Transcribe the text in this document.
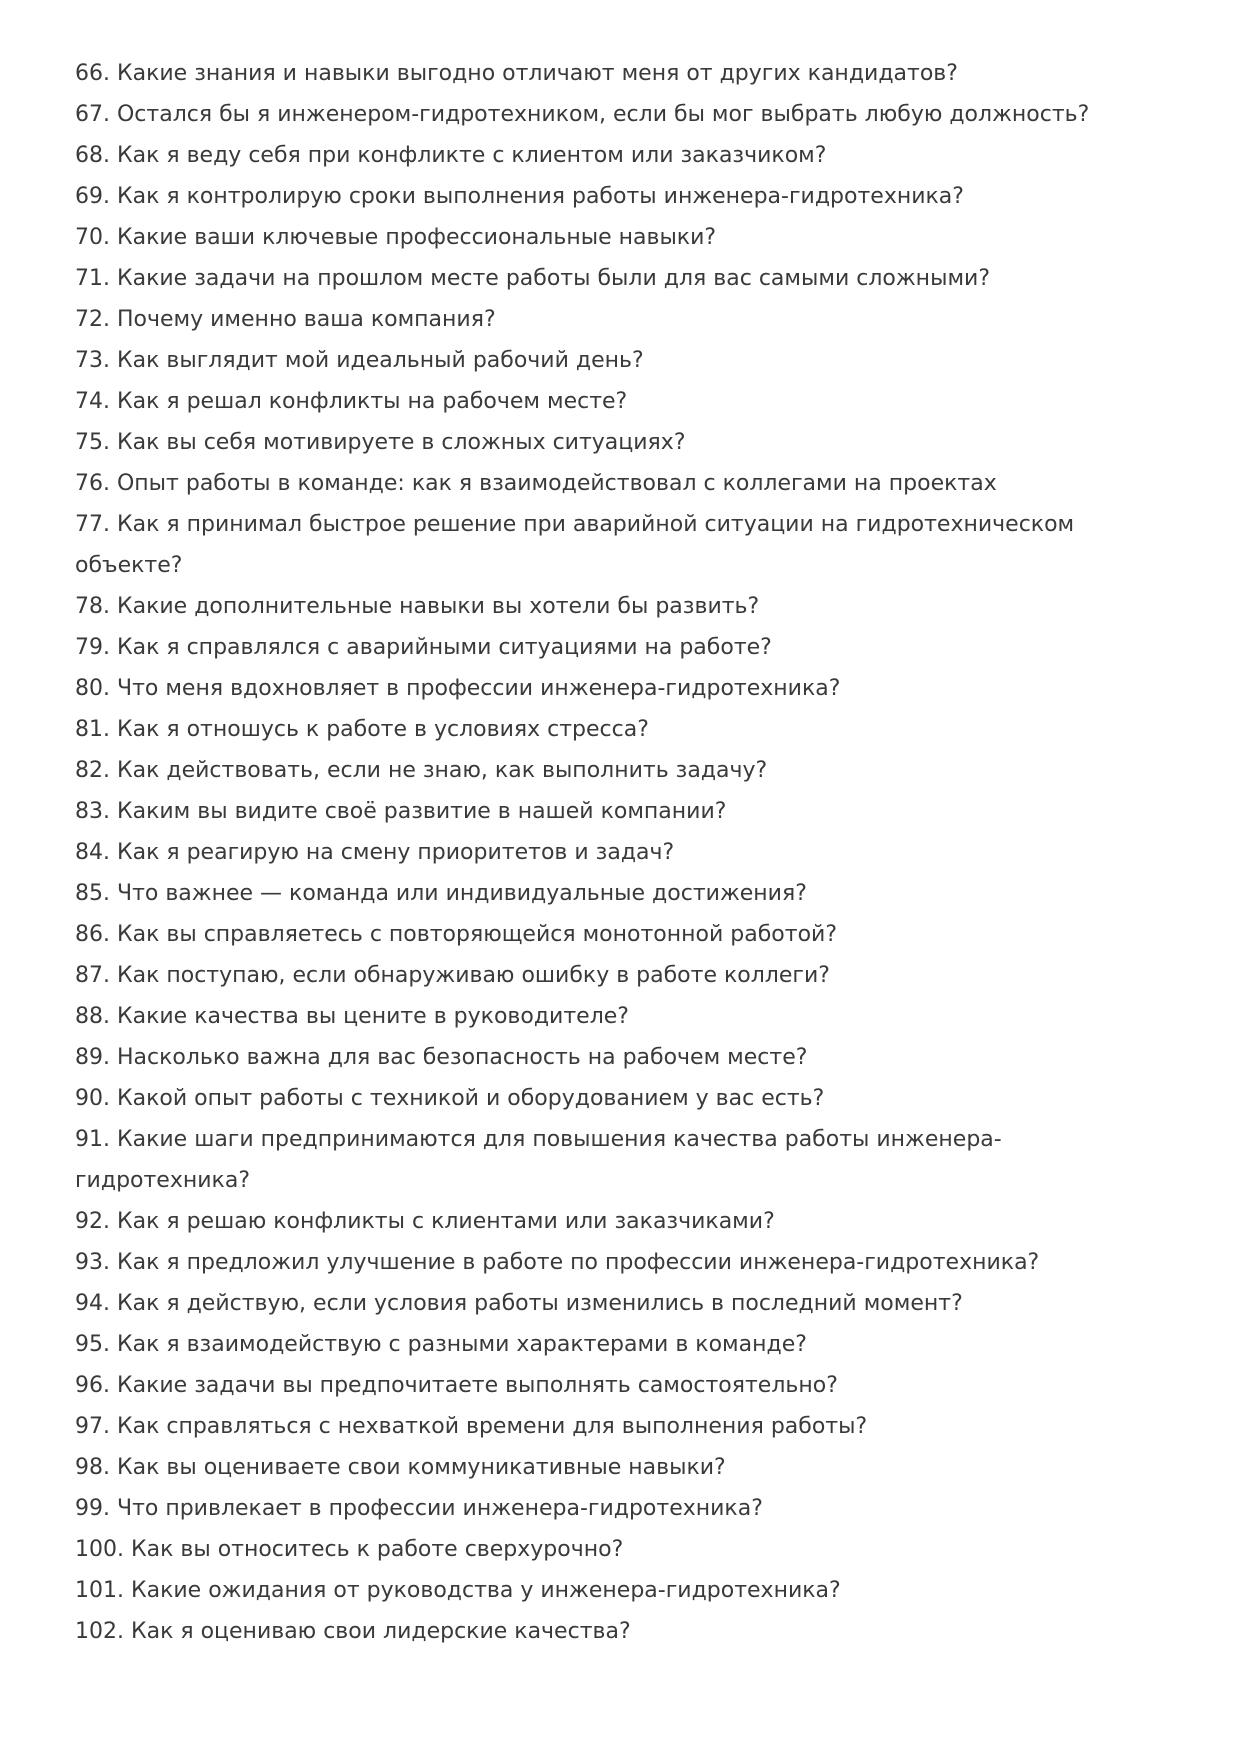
66. Какие знания и навыки выгодно отличают меня от других кандидатов?

67. Остался бы я инженером-гидротехником, если бы мог выбрать любую должность?

68. Как я веду себя при конфликте с клиентом или заказчиком?

69. Как я контролирую сроки выполнения работы инженера-гидротехника?

70. Какие ваши ключевые профессиональные навыки?

71. Какие задачи на прошлом месте работы были для вас самыми сложными?

72. Почему именно ваша компания?

73. Как выглядит мой идеальный рабочий день?

74. Как я решал конфликты на рабочем месте?

75. Как вы себя мотивируете в сложных ситуациях?

76. Опыт работы в команде: как я взаимодействовал с коллегами на проектах

77. Как я принимал быстрое решение при аварийной ситуации на гидротехническом объекте?

78. Какие дополнительные навыки вы хотели бы развить?

79. Как я справлялся с аварийными ситуациями на работе?

80. Что меня вдохновляет в профессии инженера-гидротехника?

81. Как я отношусь к работе в условиях стресса?

82. Как действовать, если не знаю, как выполнить задачу?

83. Каким вы видите своё развитие в нашей компании?

84. Как я реагирую на смену приоритетов и задач?

85. Что важнее — команда или индивидуальные достижения?

86. Как вы справляетесь с повторяющейся монотонной работой?

87. Как поступаю, если обнаруживаю ошибку в работе коллеги?

88. Какие качества вы цените в руководителе?

89. Насколько важна для вас безопасность на рабочем месте?

90. Какой опыт работы с техникой и оборудованием у вас есть?

91. Какие шаги предпринимаются для повышения качества работы инженера-гидротехника?

92. Как я решаю конфликты с клиентами или заказчиками?

93. Как я предложил улучшение в работе по профессии инженера-гидротехника?

94. Как я действую, если условия работы изменились в последний момент?

95. Как я взаимодействую с разными характерами в команде?

96. Какие задачи вы предпочитаете выполнять самостоятельно?

97. Как справляться с нехваткой времени для выполнения работы?

98. Как вы оцениваете свои коммуникативные навыки?

99. Что привлекает в профессии инженера-гидротехника?

100. Как вы относитесь к работе сверхурочно?

101. Какие ожидания от руководства у инженера-гидротехника?

102. Как я оцениваю свои лидерские качества?
